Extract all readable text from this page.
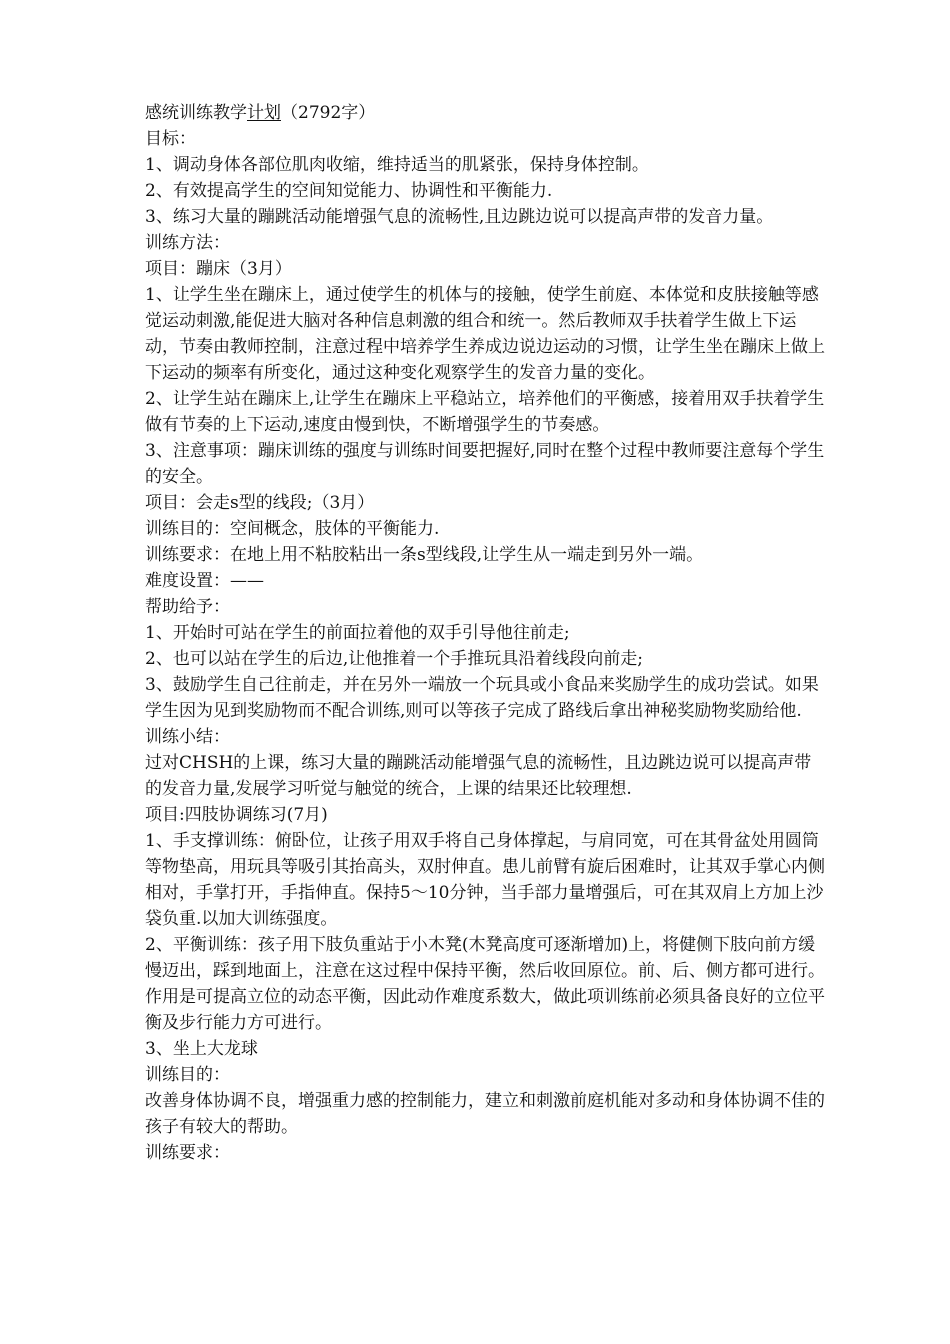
感统训练教学计划（2792字）

目标：

1、调动身体各部位肌肉收缩，维持适当的肌紧张，保持身体控制。

2、有效提高学生的空间知觉能力、协调性和平衡能力.

3、练习大量的蹦跳活动能增强气息的流畅性,且边跳边说可以提高声带的发音力量。

训练方法：

项目：蹦床（3月）

1、让学生坐在蹦床上，通过使学生的机体与的接触，使学生前庭、本体觉和皮肤接触等感觉运动刺激,能促进大脑对各种信息刺激的组合和统一。然后教师双手扶着学生做上下运动，节奏由教师控制，注意过程中培养学生养成边说边运动的习惯，让学生坐在蹦床上做上下运动的频率有所变化，通过这种变化观察学生的发音力量的变化。

2、让学生站在蹦床上,让学生在蹦床上平稳站立，培养他们的平衡感，接着用双手扶着学生做有节奏的上下运动,速度由慢到快，不断增强学生的节奏感。

3、注意事项：蹦床训练的强度与训练时间要把握好,同时在整个过程中教师要注意每个学生的安全。

项目：会走s型的线段;（3月）

训练目的：空间概念，肢体的平衡能力.

训练要求：在地上用不粘胶粘出一条s型线段,让学生从一端走到另外一端。

难度设置：——

帮助给予：

1、开始时可站在学生的前面拉着他的双手引导他往前走;

2、也可以站在学生的后边,让他推着一个手推玩具沿着线段向前走;

3、鼓励学生自己往前走，并在另外一端放一个玩具或小食品来奖励学生的成功尝试。如果学生因为见到奖励物而不配合训练,则可以等孩子完成了路线后拿出神秘奖励物奖励给他.

训练小结：

过对CHSH的上课，练习大量的蹦跳活动能增强气息的流畅性，且边跳边说可以提高声带的发音力量,发展学习听觉与触觉的统合，上课的结果还比较理想.

项目:四肢协调练习(7月)

1、手支撑训练：俯卧位，让孩子用双手将自己身体撑起，与肩同宽，可在其骨盆处用圆筒等物垫高，用玩具等吸引其抬高头，双肘伸直。患儿前臂有旋后困难时，让其双手掌心内侧相对，手掌打开，手指伸直。保持5～10分钟，当手部力量增强后，可在其双肩上方加上沙袋负重.以加大训练强度。

2、平衡训练：孩子用下肢负重站于小木凳(木凳高度可逐渐增加)上，将健侧下肢向前方缓慢迈出，踩到地面上，注意在这过程中保持平衡，然后收回原位。前、后、侧方都可进行。作用是可提高立位的动态平衡，因此动作难度系数大，做此项训练前必须具备良好的立位平衡及步行能力方可进行。

3、坐上大龙球

训练目的：

改善身体协调不良，增强重力感的控制能力，建立和刺激前庭机能对多动和身体协调不佳的孩子有较大的帮助。

训练要求：
